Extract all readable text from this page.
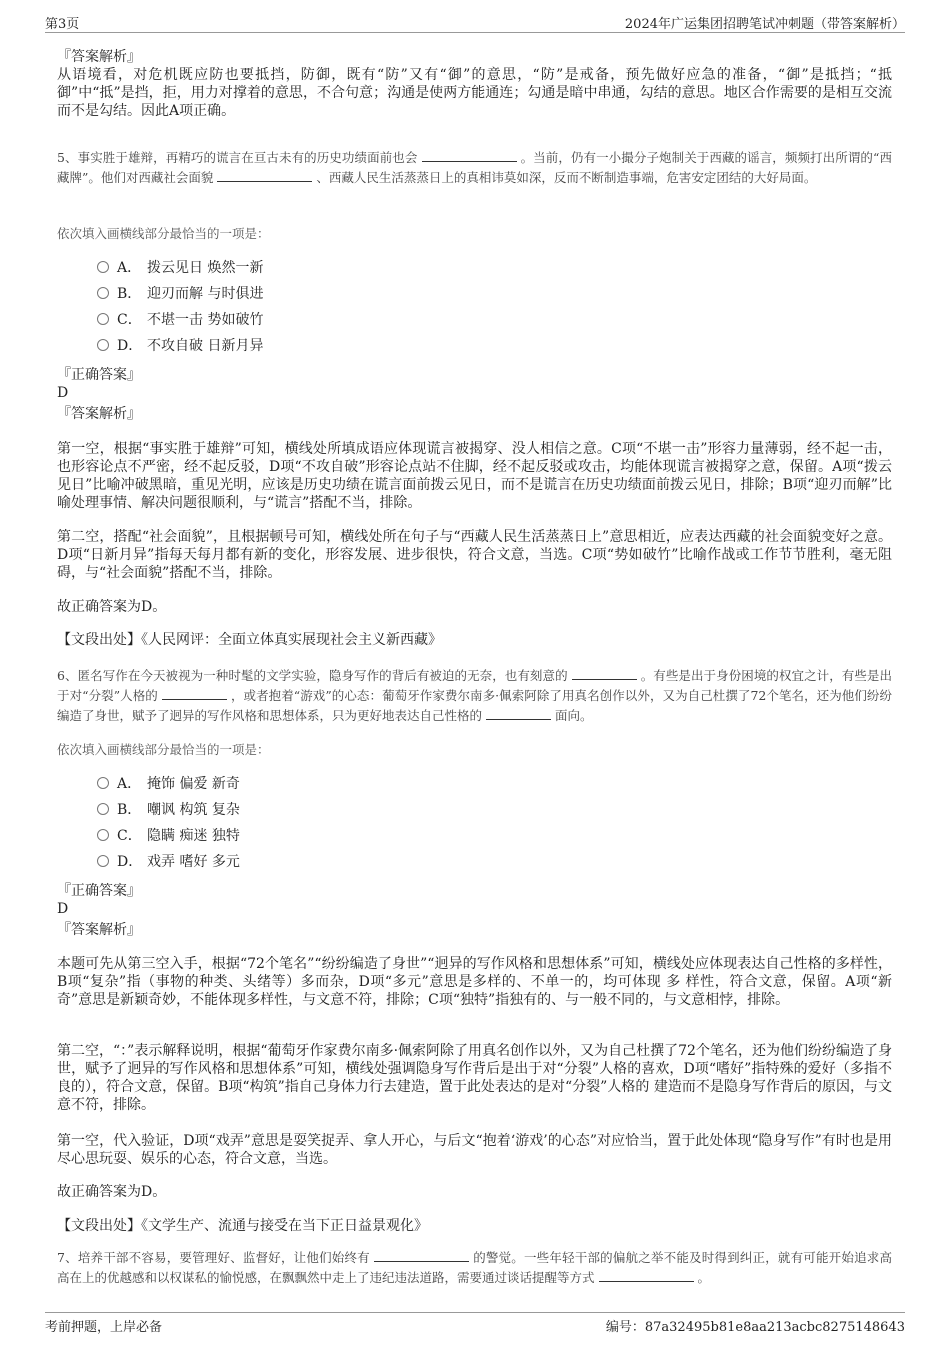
第3页	2024年广运集团招聘笔试冲刺题（带答案解析）
『答案解析』
从语境看，对危机既应防也要抵挡，防御，既有“防”又有“御”的意思，“防”是戒备，预先做好应急的准备，“御”是抵挡；“抵御”中“抵”是挡，拒，用力对撑着的意思，不合句意；沟通是使两方能通连；勾通是暗中串通，勾结的意思。地区合作需要的是相互交流而不是勾结。因此A项正确。
5、事实胜于雄辩，再精巧的谎言在亘古未有的历史功绩面前也会	。当前，仍有一小撮分子炮制关于西藏的谣言，频频打出所谓的“西藏牌”。他们对西藏社会面貌	、西藏人民生活蒸蒸日上的真相讳莫如深，反而不断制造事端，危害安定团结的大好局面。
依次填入画横线部分最恰当的一项是：
A． 拨云见日 焕然一新
B． 迎刃而解 与时俱进
C． 不堪一击 势如破竹
D． 不攻自破 日新月异
『正确答案』
D
『答案解析』
第一空，根据“事实胜于雄辩”可知，横线处所填成语应体现谎言被揭穿、没人相信之意。C项“不堪一击”形容力量薄弱，经不起一击，也形容论点不严密，经不起反驳，D项“不攻自破”形容论点站不住脚，经不起反驳或攻击，均能体现谎言被揭穿之意，保留。A项“拨云见日”比喻冲破黑暗，重见光明，应该是历史功绩在谎言面前拨云见日，而不是谎言在历史功绩面前拨云见日，排除；B项“迎刃而解”比喻处理事情、解决问题很顺利，与“谎言”搭配不当，排除。
第二空，搭配“社会面貌”，且根据顿号可知，横线处所在句子与“西藏人民生活蒸蒸日上”意思相近，应表达西藏的社会面貌变好之意。D项“日新月异”指每天每月都有新的变化，形容发展、进步很快，符合文意，当选。C项“势如破竹”比喻作战或工作节节胜利，毫无阻碍，与“社会面貌”搭配不当，排除。
故正确答案为D。
【文段出处】《人民网评：全面立体真实展现社会主义新西藏》
6、匿名写作在今天被视为一种时髦的文学实验，隐身写作的背后有被迫的无奈，也有刻意的	。有些是出于身份困境的权宜之计，有些是出于对“分裂”人格的	，或者抱着“游戏”的心态：葡萄牙作家费尔南多·佩索阿除了用真名创作以外，又为自己杜撰了72个笔名，还为他们纷纷编造了身世，赋予了迥异的写作风格和思想体系，只为更好地表达自己性格的	面向。
依次填入画横线部分最恰当的一项是：
A． 掩饰 偏爱 新奇
B． 嘲讽 构筑 复杂
C． 隐瞒 痴迷 独特
D． 戏弄 嗜好 多元
『正确答案』
D
『答案解析』
本题可先从第三空入手，根据“72个笔名”“纷纷编造了身世”“迥异的写作风格和思想体系”可知，横线处应体现表达自己性格的多样性，B项“复杂”指（事物的种类、头绪等）多而杂，D项“多元”意思是多样的、不单一的，均可体现 多 样性，符合文意，保留。A项“新奇”意思是新颖奇妙，不能体现多样性，与文意不符，排除；C项“独特”指独有的、与一般不同的，与文意相悖，排除。
第二空，“：”表示解释说明，根据“葡萄牙作家费尔南多·佩索阿除了用真名创作以外，又为自己杜撰了72个笔名，还为他们纷纷编造了身世，赋予了迥异的写作风格和思想体系”可知，横线处强调隐身写作背后是出于对“分裂”人格的喜欢，D项“嗜好”指特殊的爱好（多指不良的），符合文意，保留。B项“构筑”指自己身体力行去建造，置于此处表达的是对“分裂”人格的 建造而不是隐身写作背后的原因，与文意不符，排除。
第一空，代入验证，D项“戏弄”意思是耍笑捉弄、拿人开心，与后文“抱着‘游戏’的心态”对应恰当，置于此处体现“隐身写作”有时也是用尽心思玩耍、娱乐的心态，符合文意，当选。
故正确答案为D。
【文段出处】《文学生产、流通与接受在当下正日益景观化》
7、培养干部不容易，要管理好、监督好，让他们始终有	的警觉。一些年轻干部的偏航之举不能及时得到纠正，就有可能开始追求高高在上的优越感和以权谋私的愉悦感，在飘飘然中走上了违纪违法道路，需要通过谈话提醒等方式	。
考前押题，上岸必备	编号：87a32495b81e8aa213acbc8275148643
